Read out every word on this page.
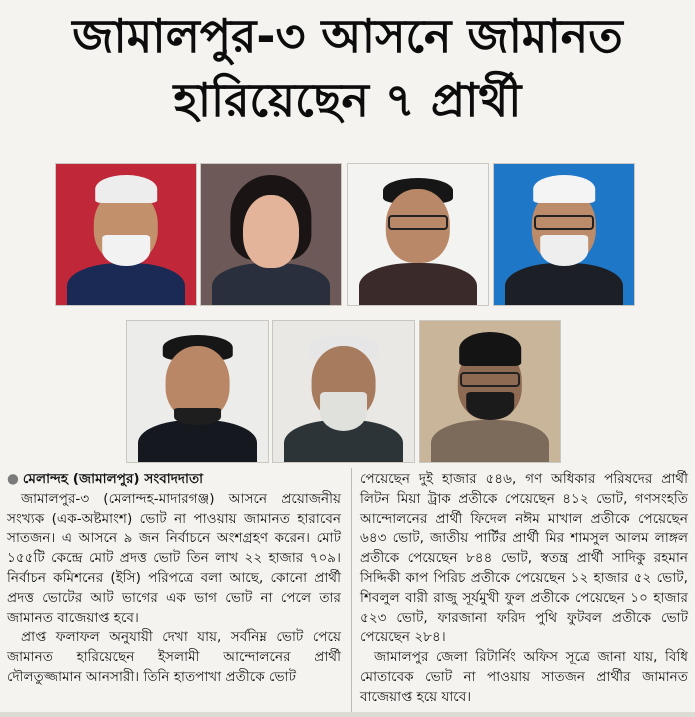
জামালপুর-৩ আসনে জামানত
হারিয়েছেন ৭ প্রার্থী

● মেলান্দহ (জামালপুর) সংবাদদাতা

জামালপুর-৩ (মেলান্দহ-মাদারগঞ্জ) আসনে প্রয়োজনীয় সংখ্যক (এক-অষ্টমাংশ) ভোট না পাওয়ায় জামানত হারাবেন সাতজন। এ আসনে ৯ জন নির্বাচনে অংশগ্রহণ করেন। মোট ১৫৫টি কেন্দ্রে মোট প্রদত্ত ভোট তিন লাখ ২২ হাজার ৭০৯। নির্বাচন কমিশনের (ইসি) পরিপত্রে বলা আছে, কোনো প্রার্থী প্রদত্ত ভোটের আট ভাগের এক ভাগ ভোট না পেলে তার জামানত বাজেয়াপ্ত হবে।

প্রাপ্ত ফলাফল অনুযায়ী দেখা যায়, সর্বনিম্ন ভোট পেয়ে জামানত হারিয়েছেন ইসলামী আন্দোলনের প্রার্থী দৌলতুজ্জামান আনসারী। তিনি হাতপাখা প্রতীকে ভোট

পেয়েছেন দুই হাজার ৫৪৬, গণ অধিকার পরিষদের প্রার্থী লিটন মিয়া ট্রাক প্রতীকে পেয়েছেন ৪১২ ভোট, গণসংহতি আন্দোলনের প্রার্থী ফিদেল নঈম মাখাল প্রতীকে পেয়েছেন ৬৪৩ ভোট, জাতীয় পার্টির প্রার্থী মির শামসুল আলম লাঙ্গল প্রতীকে পেয়েছেন ৮৪৪ ভোট, স্বতন্ত্র প্রার্থী সাদিকু রহমান সিদ্দিকী কাপ পিরিচ প্রতীকে পেয়েছেন ১২ হাজার ৫২ ভোট, শিবলুল বারী রাজু সূর্যমুখী ফুল প্রতীকে পেয়েছেন ১০ হাজার ৫২৩ ভোট, ফারজানা ফরিদ পুথি ফুটবল প্রতীকে ভোট পেয়েছেন ২৮৪।

জামালপুর জেলা রিটার্নিং অফিস সূত্রে জানা যায়, বিধি মোতাবেক ভোট না পাওয়ায় সাতজন প্রার্থীর জামানত বাজেয়াপ্ত হয়ে যাবে।
